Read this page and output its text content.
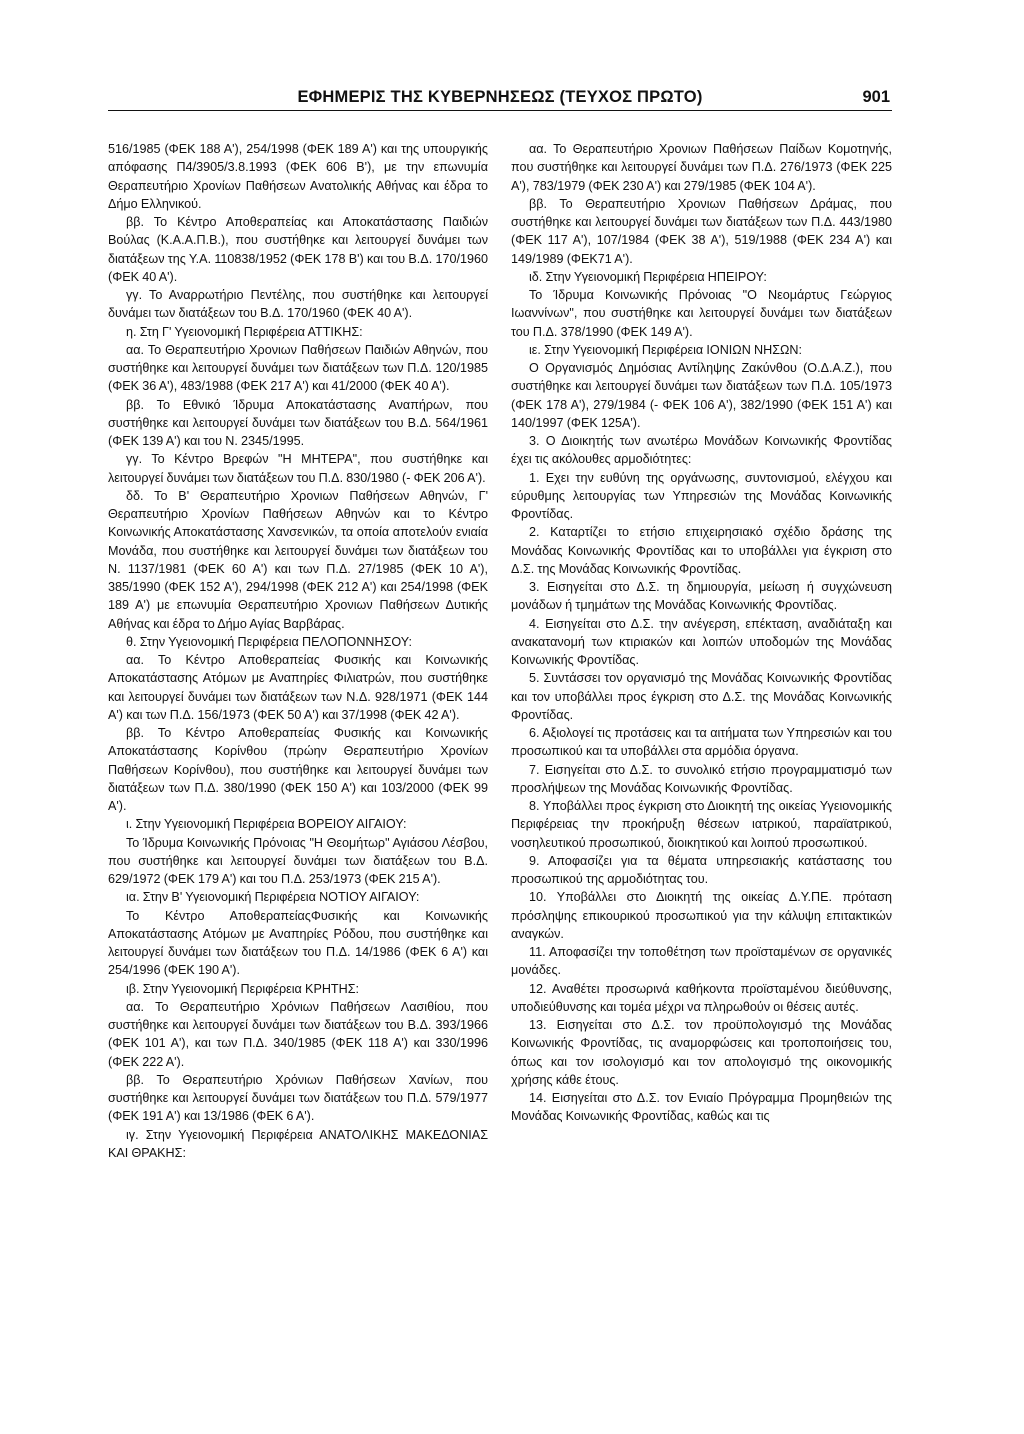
ΕΦΗΜΕΡΙΣ ΤΗΣ ΚΥΒΕΡΝΗΣΕΩΣ (ΤΕΥΧΟΣ ΠΡΩΤΟ)	901

516/1985 (ΦΕΚ 188 Α'), 254/1998 (ΦΕΚ 189 Α') και της υπουργικής απόφασης Π4/3905/3.8.1993 (ΦΕΚ 606 Β'), με την επωνυμία Θεραπευτήριο Χρονίων Παθήσεων Ανατολικής Αθήνας και έδρα το Δήμο Ελληνικού.

ββ. Το Κέντρο Αποθεραπείας και Αποκατάστασης Παιδιών Βούλας (Κ.Α.Α.Π.Β.), που συστήθηκε και λειτουργεί δυνάμει των διατάξεων της Υ.Α. 110838/1952 (ΦΕΚ 178 Β') και του Β.Δ. 170/1960 (ΦΕΚ 40 Α').

γγ. Το Αναρρωτήριο Πεντέλης, που συστήθηκε και λειτουργεί δυνάμει των διατάξεων του Β.Δ. 170/1960 (ΦΕΚ 40 Α').

η. Στη Γ' Υγειονομική Περιφέρεια ΑΤΤΙΚΗΣ:

αα. Το Θεραπευτήριο Χρονιων Παθήσεων Παιδιών Αθηνών, που συστήθηκε και λειτουργεί δυνάμει των διατάξεων των Π.Δ. 120/1985 (ΦΕΚ 36 Α'), 483/1988 (ΦΕΚ 217 Α') και 41/2000 (ΦΕΚ 40 Α').

ββ. Το Εθνικό Ίδρυμα Αποκατάστασης Αναπήρων, που συστήθηκε και λειτουργεί δυνάμει των διατάξεων του Β.Δ. 564/1961 (ΦΕΚ 139 Α') και του Ν. 2345/1995.

γγ. Το Κέντρο Βρεφών "Η ΜΗΤΕΡΑ", που συστήθηκε και λειτουργεί δυνάμει των διατάξεων του Π.Δ. 830/1980 (- ΦΕΚ 206 Α').

δδ. Το Β' Θεραπευτήριο Χρονιων Παθήσεων Αθηνών, Γ' Θεραπευτήριο Χρονίων Παθήσεων Αθηνών και το Κέντρο Κοινωνικής Αποκατάστασης Χανσενικών, τα οποία αποτελούν ενιαία Μονάδα, που συστήθηκε και λειτουργεί δυνάμει των διατάξεων του Ν. 1137/1981 (ΦΕΚ 60 Α') και των Π.Δ. 27/1985 (ΦΕΚ 10 Α'), 385/1990 (ΦΕΚ 152 Α'), 294/1998 (ΦΕΚ 212 Α') και 254/1998 (ΦΕΚ 189 Α') με επωνυμία Θεραπευτήριο Χρονιων Παθήσεων Δυτικής Αθήνας και έδρα το Δήμο Αγίας Βαρβάρας.

θ. Στην Υγειονομική Περιφέρεια ΠΕΛΟΠΟΝΝΗΣΟΥ:

αα. Το Κέντρο Αποθεραπείας Φυσικής και Κοινωνικής Αποκατάστασης Ατόμων με Αναπηρίες Φιλιατρών, που συστήθηκε και λειτουργεί δυνάμει των διατάξεων των Ν.Δ. 928/1971 (ΦΕΚ 144 Α') και των Π.Δ. 156/1973 (ΦΕΚ 50 Α') και 37/1998 (ΦΕΚ 42 Α').

ββ. Το Κέντρο Αποθεραπείας Φυσικής και Κοινωνικής Αποκατάστασης Κορίνθου (πρώην Θεραπευτήριο Χρονίων Παθήσεων Κορίνθου), που συστήθηκε και λειτουργεί δυνάμει των διατάξεων των Π.Δ. 380/1990 (ΦΕΚ 150 Α') και 103/2000 (ΦΕΚ 99 Α').

ι. Στην Υγειονομική Περιφέρεια ΒΟΡΕΙΟΥ ΑΙΓΑΙΟΥ:

Το Ίδρυμα Κοινωνικής Πρόνοιας "Η Θεομήτωρ" Αγιάσου Λέσβου, που συστήθηκε και λειτουργεί δυνάμει των διατάξεων του Β.Δ. 629/1972 (ΦΕΚ 179 Α') και του Π.Δ. 253/1973 (ΦΕΚ 215 Α').

ια. Στην Β' Υγειονομική Περιφέρεια ΝΟΤΙΟΥ ΑΙΓΑΙΟΥ:

Το Κέντρο ΑποθεραπείαςΦυσικής και Κοινωνικής Αποκατάστασης Ατόμων με Αναπηρίες Ρόδου, που συστήθηκε και λειτουργεί δυνάμει των διατάξεων του Π.Δ. 14/1986 (ΦΕΚ 6 Α') και 254/1996 (ΦΕΚ 190 Α').

ιβ. Στην Υγειονομική Περιφέρεια ΚΡΗΤΗΣ:

αα. Το Θεραπευτήριο Χρόνιων Παθήσεων Λασιθίου, που συστήθηκε και λειτουργεί δυνάμει των διατάξεων του Β.Δ. 393/1966 (ΦΕΚ 101 Α'), και των Π.Δ. 340/1985 (ΦΕΚ 118 Α') και 330/1996 (ΦΕΚ 222 Α').

ββ. Το Θεραπευτήριο Χρόνιων Παθήσεων Χανίων, που συστήθηκε και λειτουργεί δυνάμει των διατάξεων του Π.Δ. 579/1977 (ΦΕΚ 191 Α') και 13/1986 (ΦΕΚ 6 Α').

ιγ. Στην Υγειονομική Περιφέρεια ΑΝΑΤΟΛΙΚΗΣ ΜΑΚΕΔΟΝΙΑΣ ΚΑΙ ΘΡΑΚΗΣ:

αα. Το Θεραπευτήριο Χρονιων Παθήσεων Παίδων Κομοτηνής, που συστήθηκε και λειτουργεί δυνάμει των Π.Δ. 276/1973 (ΦΕΚ 225 Α'), 783/1979 (ΦΕΚ 230 Α') και 279/1985 (ΦΕΚ 104 Α').

ββ. Το Θεραπευτήριο Χρονιων Παθήσεων Δράμας, που συστήθηκε και λειτουργεί δυνάμει των διατάξεων των Π.Δ. 443/1980 (ΦΕΚ 117 Α'), 107/1984 (ΦΕΚ 38 Α'), 519/1988 (ΦΕΚ 234 Α') και 149/1989 (ΦΕΚ71 Α').

ιδ. Στην Υγειονομική Περιφέρεια ΗΠΕΙΡΟΥ:

Το Ίδρυμα Κοινωνικής Πρόνοιας "Ο Νεομάρτυς Γεώργιος Ιωαννίνων", που συστήθηκε και λειτουργεί δυνάμει των διατάξεων του Π.Δ. 378/1990 (ΦΕΚ 149 Α').

ιε. Στην Υγειονομική Περιφέρεια ΙΟΝΙΩΝ ΝΗΣΩΝ:

Ο Οργανισμός Δημόσιας Αντίληψης Ζακύνθου (Ο.Δ.Α.Ζ.), που συστήθηκε και λειτουργεί δυνάμει των διατάξεων των Π.Δ. 105/1973 (ΦΕΚ 178 Α'), 279/1984 (- ΦΕΚ 106 Α'), 382/1990 (ΦΕΚ 151 Α') και 140/1997 (ΦΕΚ 125Α').

3. Ο Διοικητής των ανωτέρω Μονάδων Κοινωνικής Φροντίδας έχει τις ακόλουθες αρμοδιότητες:

1. Εχει την ευθύνη της οργάνωσης, συντονισμού, ελέγχου και εύρυθμης λειτουργίας των Υπηρεσιών της Μονάδας Κοινωνικής Φροντίδας.

2. Καταρτίζει το ετήσιο επιχειρησιακό σχέδιο δράσης της Μονάδας Κοινωνικής Φροντίδας και το υποβάλλει για έγκριση στο Δ.Σ. της Μονάδας Κοινωνικής Φροντίδας.

3. Εισηγείται στο Δ.Σ. τη δημιουργία, μείωση ή συγχώνευση μονάδων ή τμημάτων της Μονάδας Κοινωνικής Φροντίδας.

4. Εισηγείται στο Δ.Σ. την ανέγερση, επέκταση, αναδιάταξη και ανακατανομή των κτιριακών και λοιπών υποδομών της Μονάδας Κοινωνικής Φροντίδας.

5. Συντάσσει τον οργανισμό της Μονάδας Κοινωνικής Φροντίδας και τον υποβάλλει προς έγκριση στο Δ.Σ. της Μονάδας Κοινωνικής Φροντίδας.

6. Αξιολογεί τις προτάσεις και τα αιτήματα των Υπηρεσιών και του προσωπικού και τα υποβάλλει στα αρμόδια όργανα.

7. Εισηγείται στο Δ.Σ. το συνολικό ετήσιο προγραμματισμό των προσλήψεων της Μονάδας Κοινωνικής Φροντίδας.

8. Υποβάλλει προς έγκριση στο Διοικητή της οικείας Υγειονομικής Περιφέρειας την προκήρυξη θέσεων ιατρικού, παραϊατρικού, νοσηλευτικού προσωπικού, διοικητικού και λοιπού προσωπικού.

9. Αποφασίζει για τα θέματα υπηρεσιακής κατάστασης του προσωπικού της αρμοδιότητας του.

10. Υποβάλλει στο Διοικητή της οικείας Δ.Υ.ΠΕ. πρόταση πρόσληψης επικουρικού προσωπικού για την κάλυψη επιτακτικών αναγκών.

11. Αποφασίζει την τοποθέτηση των προϊσταμένων σε οργανικές μονάδες.

12. Αναθέτει προσωρινά καθήκοντα προϊσταμένου διεύθυνσης, υποδιεύθυνσης και τομέα μέχρι να πληρωθούν οι θέσεις αυτές.

13. Εισηγείται στο Δ.Σ. τον προϋπολογισμό της Μονάδας Κοινωνικής Φροντίδας, τις αναμορφώσεις και τροποποιήσεις του, όπως και τον ισολογισμό και τον απολογισμό της οικονομικής χρήσης κάθε έτους.

14. Εισηγείται στο Δ.Σ. τον Ενιαίο Πρόγραμμα Προμηθειών της Μονάδας Κοινωνικής Φροντίδας, καθώς και τις
